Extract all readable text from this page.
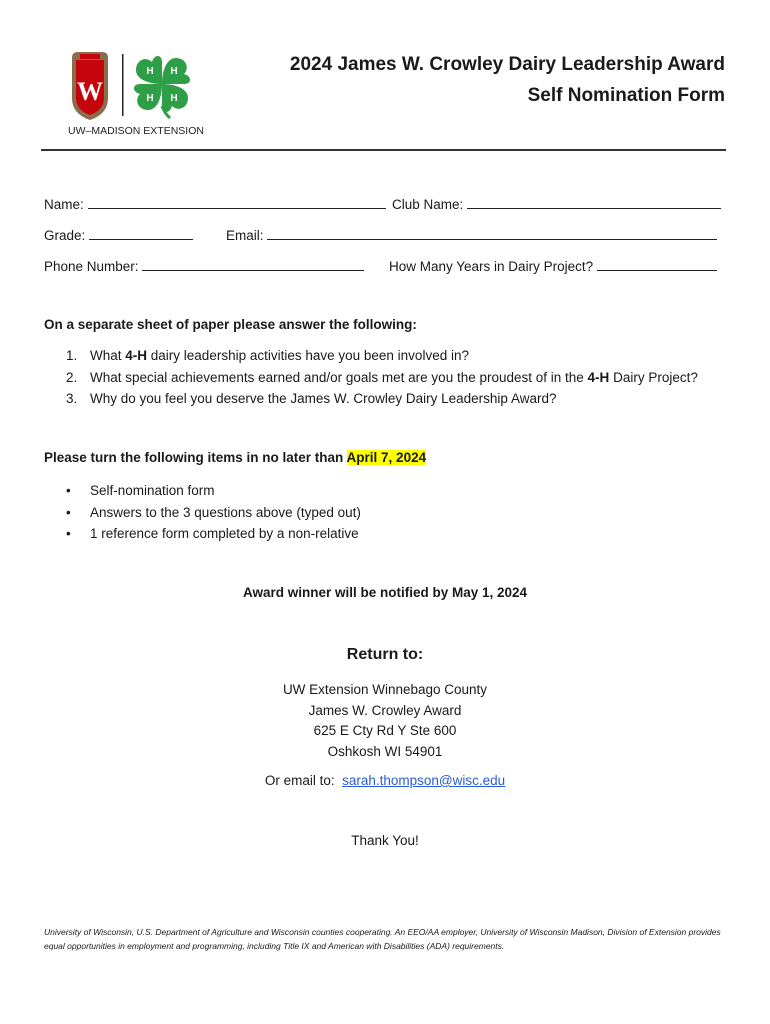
W
H H
H
H
UW–MADISON EXTENSION
2024 James W. Crowley Dairy Leadership Award
Self Nomination Form
Name:	Club Name:
Grade:	Email:
Phone Number:	How Many Years in Dairy Project?
On a separate sheet of paper please answer the following:
1. What 4-H dairy leadership activities have you been involved in?
2. What special achievements earned and/or goals met are you the proudest of in the 4-H Dairy Project?
3. Why do you feel you deserve the James W. Crowley Dairy Leadership Award?
Please turn the following items in no later than April 7, 2024
• Self-nomination form
• Answers to the 3 questions above (typed out)
• 1 reference form completed by a non-relative
Award winner will be notified by May 1, 2024
Return to:
UW Extension Winnebago County
James W. Crowley Award
625 E Cty Rd Y Ste 600
Oshkosh WI 54901
Or email to: sarah.thompson@wisc.edu
Thank You!
University of Wisconsin, U.S. Department of Agriculture and Wisconsin counties cooperating. An EEO/AA employer, University of Wisconsin Madison, Division of Extension provides equal opportunities in employment and programming, including Title IX and American with Disabilities (ADA) requirements.
